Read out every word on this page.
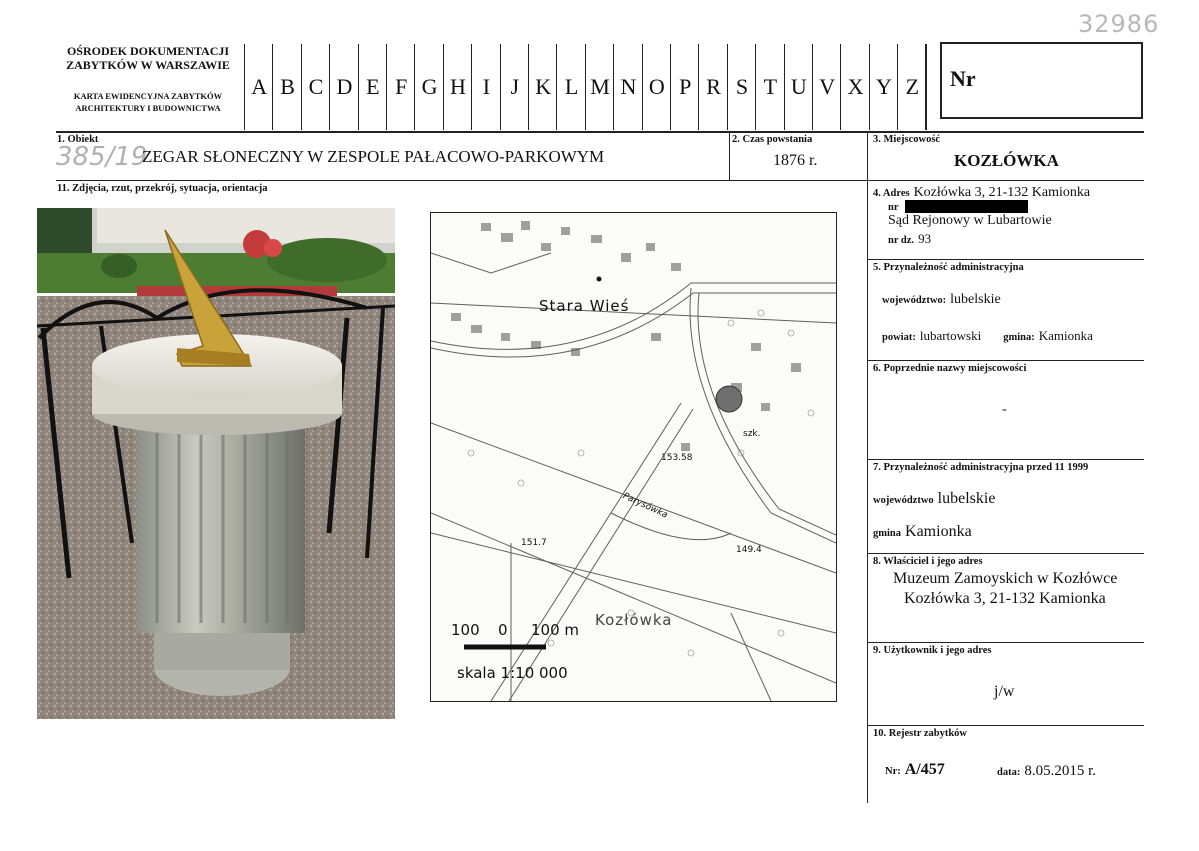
32986
OŚRODEK DOKUMENTACJI
ZABYTKÓW W WARSZAWIE
KARTA EWIDENCYJNA ZABYTKÓW
ARCHITEKTURY I BUDOWNICTWA
A B C D E F G H I J K L M N O P R S T U V X Y Z	Nr
1. Obiekt
385/19
ZEGAR SŁONECZNY W ZESPOLE PAŁACOWO-PARKOWYM
2. Czas powstania
1876 r.
3. Miejscowość
KOZŁÓWKA
11. Zdjęcia, rzut, przekrój, sytuacja, orientacja
Stara Wieś
Kozłówka
Parysówka
153.58
151.7
149.4
szk.
100 0 100 m
skala 1:10 000
4. Adres Kozłówka 3, 21-132 Kamionka
nr
Sąd Rejonowy w Lubartowie
nr dz. 93
5. Przynależność administracyjna
województwo: lubelskie
powiat: lubartowski gmina: Kamionka
6. Poprzednie nazwy miejscowości
-
7. Przynależność administracyjna przed 11 1999
województwo lubelskie
gmina Kamionka
8. Właściciel i jego adres
Muzeum Zamoyskich w Kozłówce
Kozłówka 3, 21-132 Kamionka
9. Użytkownik i jego adres
j/w
10. Rejestr zabytków
Nr: A/457	data: 8.05.2015 r.
